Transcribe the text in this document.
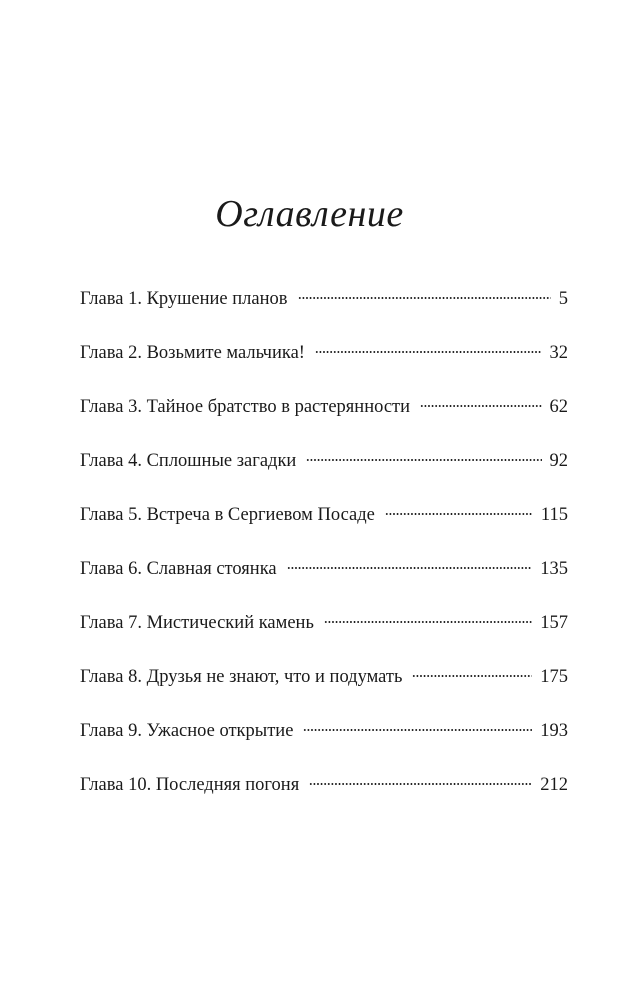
Оглавление
Глава 1. Крушение планов	5
Глава 2. Возьмите мальчика!	32
Глава 3. Тайное братство в растерянности	62
Глава 4. Сплошные загадки	92
Глава 5. Встреча в Сергиевом Посаде	115
Глава 6. Славная стоянка	135
Глава 7. Мистический камень	157
Глава 8. Друзья не знают, что и подумать	175
Глава 9. Ужасное открытие	193
Глава 10. Последняя погоня	212
